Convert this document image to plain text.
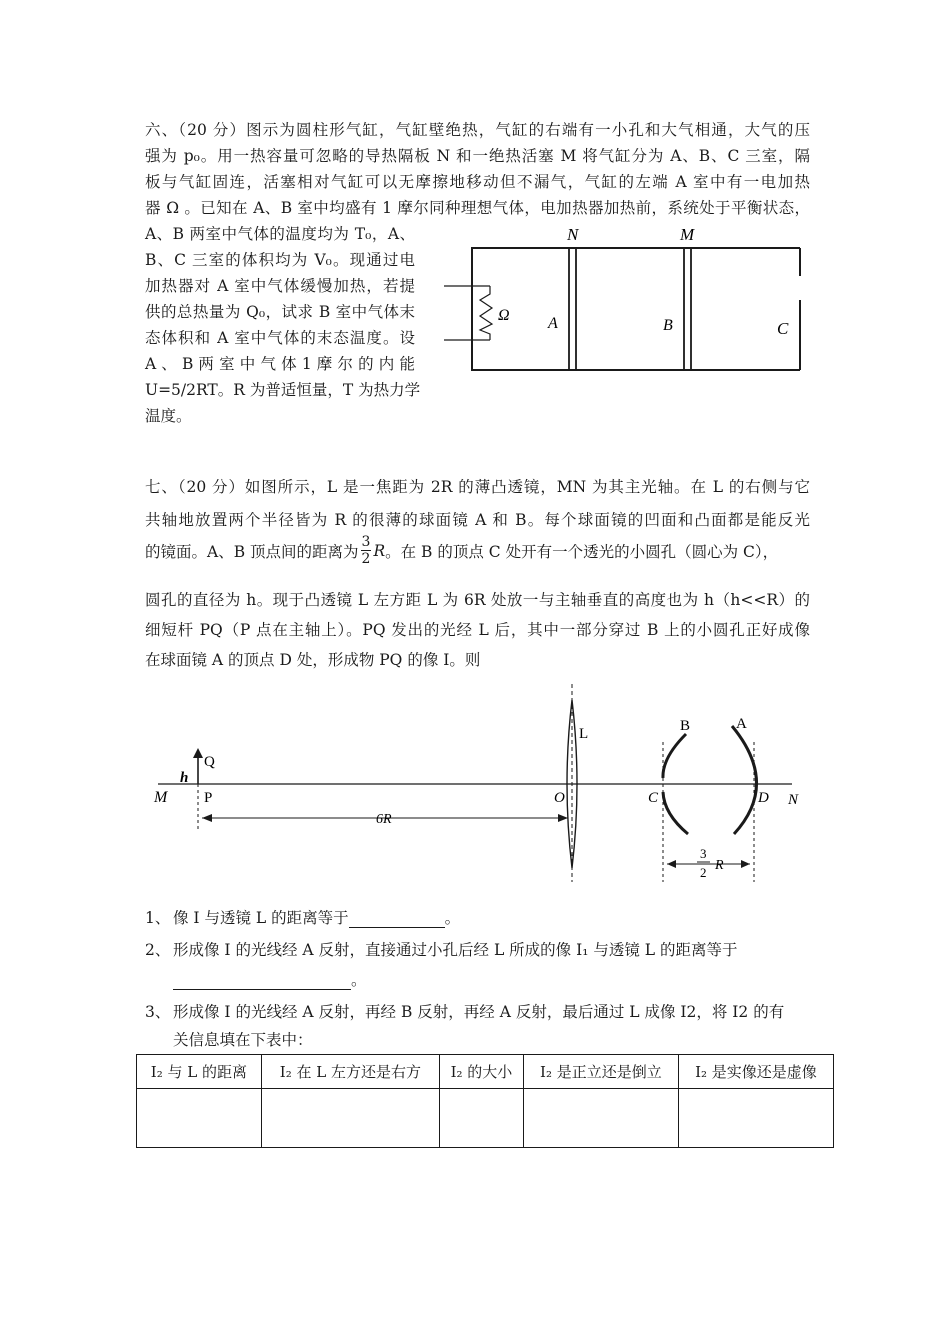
六、（20 分）图示为圆柱形气缸，气缸壁绝热，气缸的右端有一小孔和大气相通，大气的压
强为 p₀。用一热容量可忽略的导热隔板 N 和一绝热活塞 M 将气缸分为 A、B、C 三室，隔
板与气缸固连，活塞相对气缸可以无摩擦地移动但不漏气，气缸的左端 A 室中有一电加热
器 Ω 。已知在 A、B 室中均盛有 1 摩尔同种理想气体，电加热器加热前，系统处于平衡状态，
A、B 两室中气体的温度均为 T₀，A、
B、C 三室的体积均为 V₀。现通过电
加热器对 A 室中气体缓慢加热，若提
供的总热量为 Q₀，试求 B 室中气体末
态体积和 A 室中气体的末态温度。设
A 、 B 两 室 中 气 体 1 摩 尔 的 内 能
U=5/2RT。R 为普适恒量，T 为热力学
温度。
N	M
Ω A	B	C
七、（20 分）如图所示，L 是一焦距为 2R 的薄凸透镜，MN 为其主光轴。在 L 的右侧与它
共轴地放置两个半径皆为 R 的很薄的球面镜 A 和 B。每个球面镜的凹面和凸面都是能反光
的镜面。A、B 顶点间的距离为 $\frac{3}{2}$ R 。在 B 的顶点 C 处开有一个透光的小圆孔（圆心为 C），
圆孔的直径为 h。现于凸透镜 L 左方距 L 为 6R 处放一与主轴垂直的高度也为 h（h<<R）的
细短杆 PQ（P 点在主轴上）。PQ 发出的光经 L 后，其中一部分穿过 B 上的小圆孔正好成像
在球面镜 A 的顶点 D 处，形成物 PQ 的像 I。则
M
h
Q
P
6R
O
L	B	A
C	D N
3
2 R
1、 像 I 与透镜 L 的距离等于	。
2、 形成像 I 的光线经 A 反射，直接通过小孔后经 L 所成的像 I₁ 与透镜 L 的距离等于
。
3、 形成像 I 的光线经 A 反射，再经 B 反射，再经 A 反射，最后通过 L 成像 I2，将 I2 的有
关信息填在下表中：
I₂ 与 L 的距离	I₂ 在 L 左方还是右方	I₂ 的大小	I₂ 是正立还是倒立	I₂ 是实像还是虚像
